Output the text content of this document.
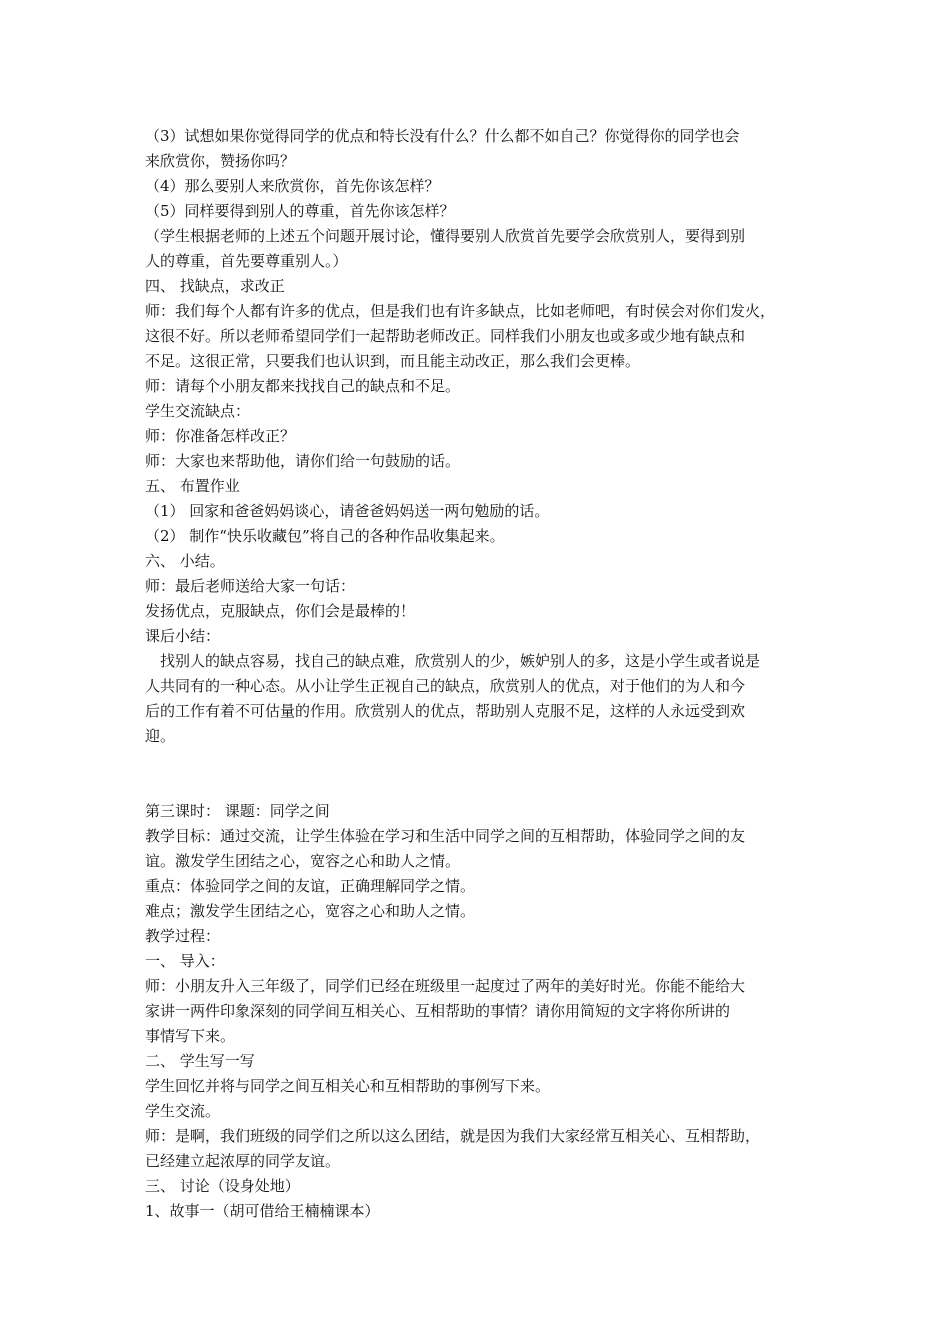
（3）试想如果你觉得同学的优点和特长没有什么？什么都不如自己？你觉得你的同学也会
来欣赏你，赞扬你吗？
（4）那么要别人来欣赏你，首先你该怎样？
（5）同样要得到别人的尊重，首先你该怎样？
（学生根据老师的上述五个问题开展讨论，懂得要别人欣赏首先要学会欣赏别人，要得到别
人的尊重，首先要尊重别人。）
四、 找缺点，求改正
师：我们每个人都有许多的优点，但是我们也有许多缺点，比如老师吧，有时侯会对你们发火，
这很不好。所以老师希望同学们一起帮助老师改正。同样我们小朋友也或多或少地有缺点和
不足。这很正常，只要我们也认识到，而且能主动改正，那么我们会更棒。
师：请每个小朋友都来找找自己的缺点和不足。
学生交流缺点：
师：你准备怎样改正？
师：大家也来帮助他，请你们给一句鼓励的话。
五、 布置作业
（1） 回家和爸爸妈妈谈心，请爸爸妈妈送一两句勉励的话。
（2） 制作“快乐收藏包”将自己的各种作品收集起来。
六、 小结。
师：最后老师送给大家一句话：
发扬优点，克服缺点，你们会是最棒的！
课后小结：
找别人的缺点容易，找自己的缺点难，欣赏别人的少，嫉妒别人的多，这是小学生或者说是
人共同有的一种心态。从小让学生正视自己的缺点，欣赏别人的优点，对于他们的为人和今
后的工作有着不可估量的作用。欣赏别人的优点，帮助别人克服不足，这样的人永远受到欢
迎。
第三课时： 课题：同学之间
教学目标：通过交流，让学生体验在学习和生活中同学之间的互相帮助，体验同学之间的友
谊。激发学生团结之心，宽容之心和助人之情。
重点：体验同学之间的友谊，正确理解同学之情。
难点；激发学生团结之心，宽容之心和助人之情。
教学过程：
一、 导入：
师：小朋友升入三年级了，同学们已经在班级里一起度过了两年的美好时光。你能不能给大
家讲一两件印象深刻的同学间互相关心、互相帮助的事情？请你用简短的文字将你所讲的
事情写下来。
二、 学生写一写
学生回忆并将与同学之间互相关心和互相帮助的事例写下来。
学生交流。
师：是啊，我们班级的同学们之所以这么团结，就是因为我们大家经常互相关心、互相帮助，
已经建立起浓厚的同学友谊。
三、 讨论（设身处地）
1、故事一（胡可借给王楠楠课本）
